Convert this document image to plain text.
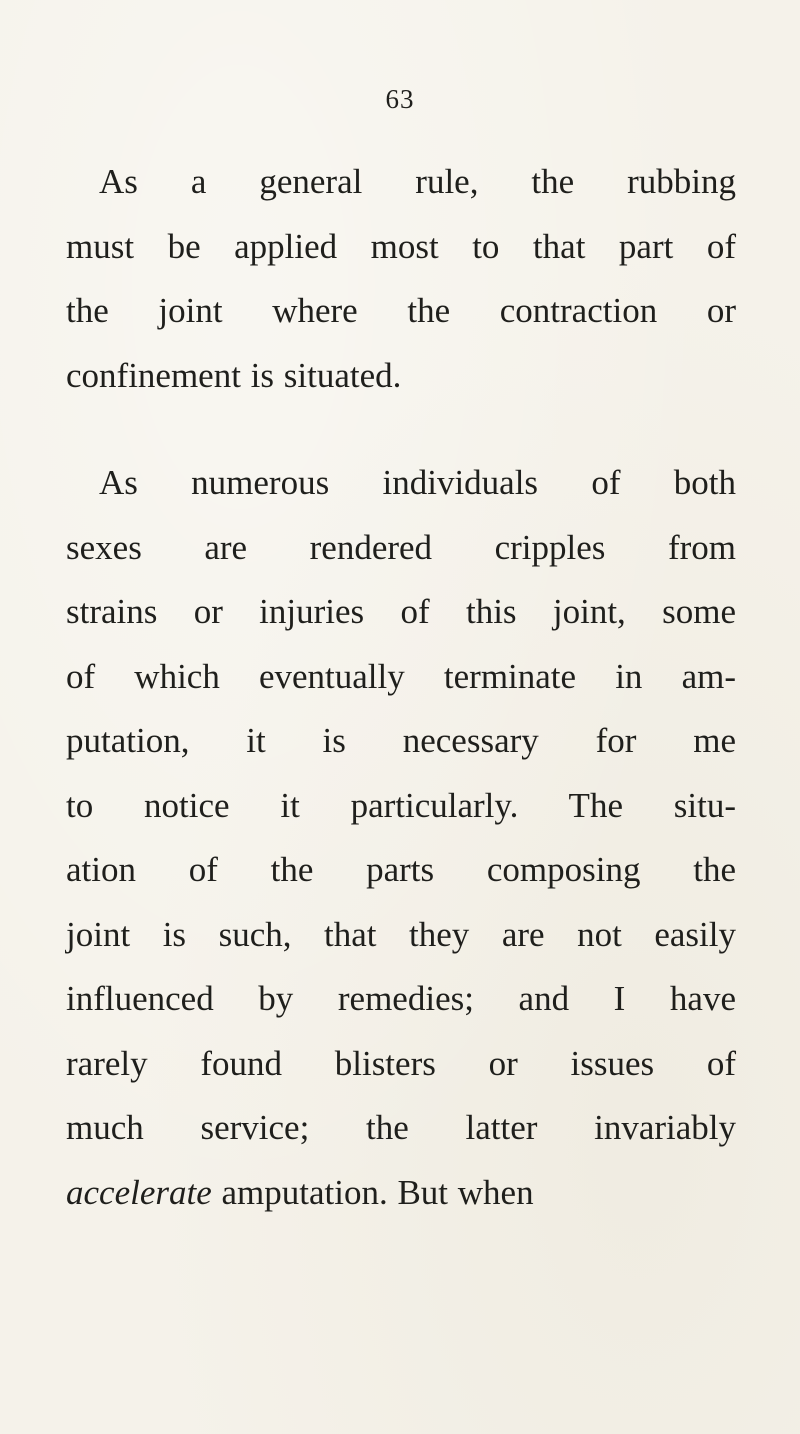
63
As a general rule, the rubbing
must be applied most to that part of
the joint where the contraction or
confinement is situated.
As numerous individuals of both
sexes are rendered cripples from
strains or injuries of this joint, some
of which eventually terminate in am-
putation, it is necessary for me
to notice it particularly. The situ-
ation of the parts composing the
joint is such, that they are not easily
influenced by remedies; and I have
rarely found blisters or issues of
much service; the latter invariably
accelerate amputation. But when
